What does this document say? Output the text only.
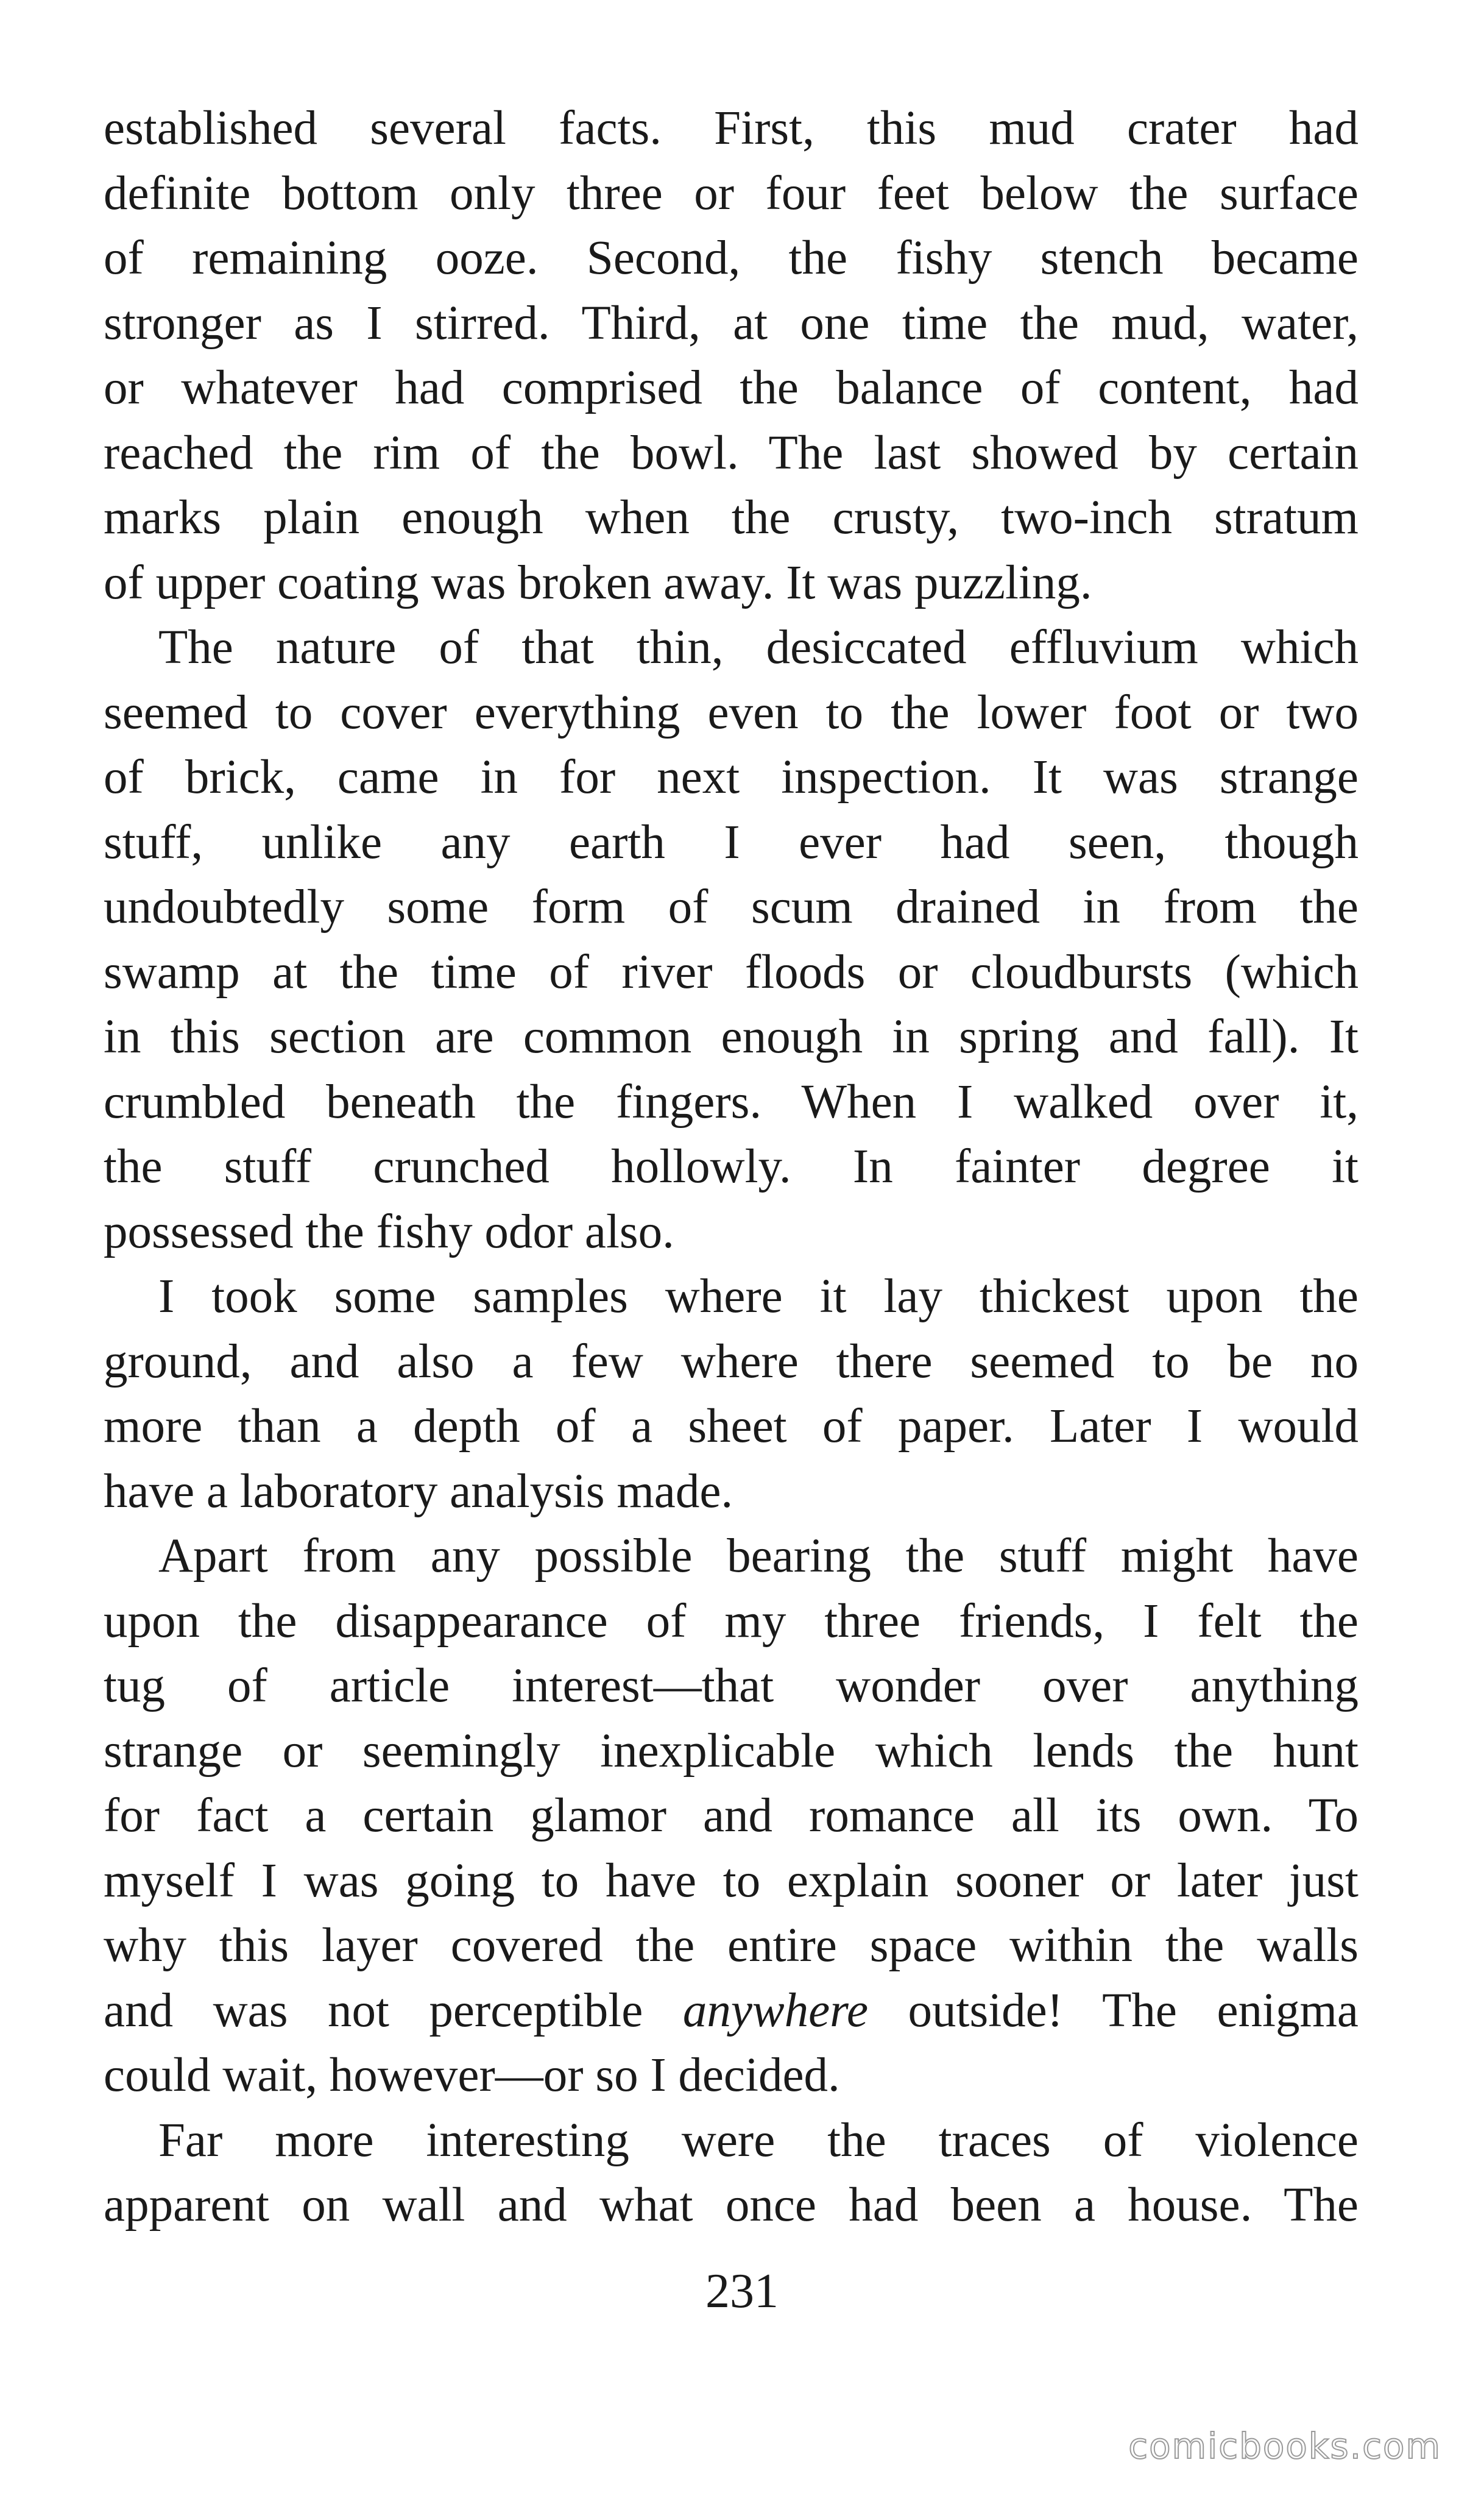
established several facts. First, this mud crater had
definite bottom only three or four feet below the surface
of remaining ooze. Second, the fishy stench became
stronger as I stirred. Third, at one time the mud, water,
or whatever had comprised the balance of content, had
reached the rim of the bowl. The last showed by certain
marks plain enough when the crusty, two-inch stratum
of upper coating was broken away. It was puzzling.
The nature of that thin, desiccated effluvium which
seemed to cover everything even to the lower foot or two
of brick, came in for next inspection. It was strange
stuff, unlike any earth I ever had seen, though
undoubtedly some form of scum drained in from the
swamp at the time of river floods or cloudbursts (which
in this section are common enough in spring and fall). It
crumbled beneath the fingers. When I walked over it,
the stuff crunched hollowly. In fainter degree it
possessed the fishy odor also.
I took some samples where it lay thickest upon the
ground, and also a few where there seemed to be no
more than a depth of a sheet of paper. Later I would
have a laboratory analysis made.
Apart from any possible bearing the stuff might have
upon the disappearance of my three friends, I felt the
tug of article interest—that wonder over anything
strange or seemingly inexplicable which lends the hunt
for fact a certain glamor and romance all its own. To
myself I was going to have to explain sooner or later just
why this layer covered the entire space within the walls
and was not perceptible anywhere outside! The enigma
could wait, however—or so I decided.
Far more interesting were the traces of violence
apparent on wall and what once had been a house. The
231
comicbooks.com
